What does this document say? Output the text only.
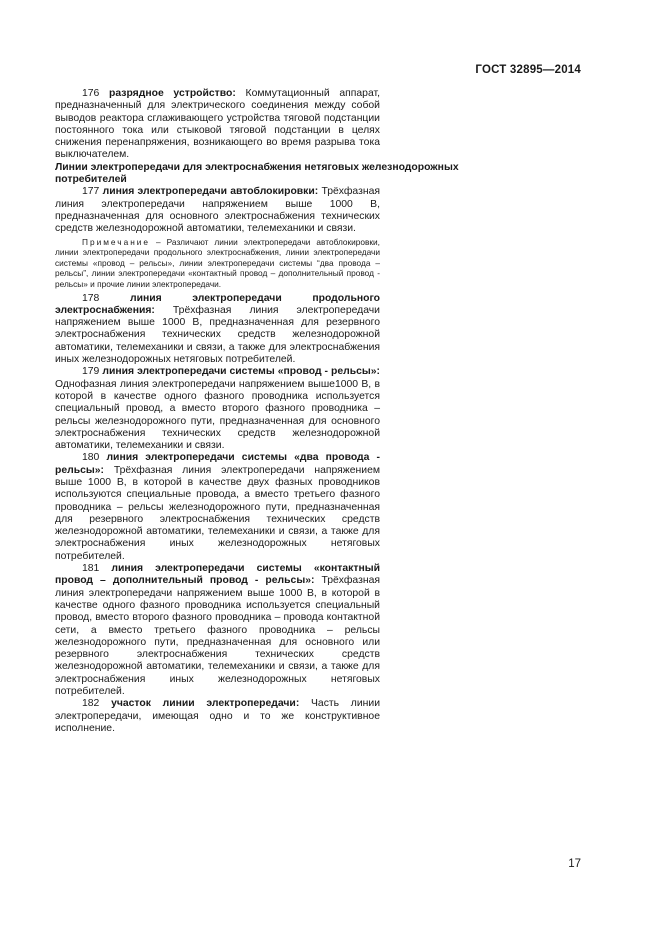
ГОСТ 32895—2014

176 разрядное устройство: Коммутационный аппарат, предназначенный для электрического соединения между собой выводов реактора сглаживающего устройства тяговой подстанции постоянного тока или стыковой тяговой подстанции в целях снижения перенапряжения, возникающего во время разрыва тока выключателем.

Линии электропередачи для электроснабжения нетяговых железнодорожных потребителей

177 линия электропередачи автоблокировки: Трёхфазная линия электропередачи напряжением выше 1000 В, предназначенная для основного электроснабжения технических средств железнодорожной автоматики, телемеханики и связи.

Примечание – Различают линии электропередачи автоблокировки, линии электропередачи продольного электроснабжения, линии электропередачи системы «провод – рельсы», линии электропередачи системы “два провода – рельсы”, линии электропередачи «контактный провод – дополнительный провод - рельсы» и прочие линии электропередачи.

178	линия электропередачи продольного электроснабжения: Трёхфазная линия электропередачи напряжением выше 1000 В, предназначенная для резервного электроснабжения технических средств железнодорожной автоматики, телемеханики и связи, а также для электроснабжения иных железнодорожных нетяговых потребителей.

179 линия электропередачи системы «провод - рельсы»: Однофазная линия электропередачи напряжением выше1000 В, в которой в качестве одного фазного проводника используется специальный провод, а вместо второго фазного проводника – рельсы железнодорожного пути, предназначенная для основного электроснабжения технических средств железнодорожной автоматики, телемеханики и связи.

180 линия электропередачи системы «два провода - рельсы»: Трёхфазная линия электропередачи напряжением выше 1000 В, в которой в качестве двух фазных проводников используются специальные провода, а вместо третьего фазного проводника – рельсы железнодорожного пути, предназначенная для резервного электроснабжения технических средств железнодорожной автоматики, телемеханики и связи, а также для электроснабжения иных железнодорожных нетяговых потребителей.

181 линия электропередачи системы «контактный провод – дополнительный провод - рельсы»: Трёхфазная линия электропередачи напряжением выше 1000 В, в которой в качестве одного фазного проводника используется специальный провод, вместо второго фазного проводника – провода контактной сети, а вместо третьего фазного проводника – рельсы железнодорожного пути, предназначенная для основного или резервного электроснабжения технических средств железнодорожной автоматики, телемеханики и связи, а также для электроснабжения иных железнодорожных нетяговых потребителей.

182 участок линии электропередачи: Часть линии электропередачи, имеющая одно и то же конструктивное исполнение.

17
